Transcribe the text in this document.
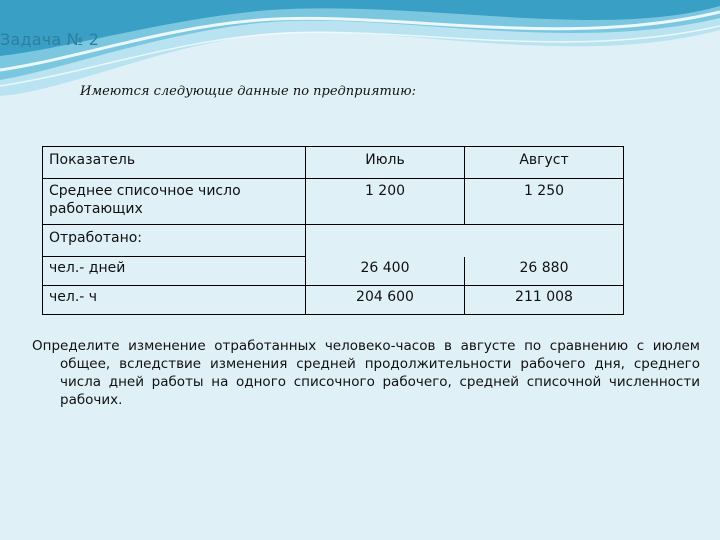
Задача № 2
Имеются следующие данные по предприятию:
Показатель	Июль	Август
Среднее списочное число работающих	1 200	1 250
Отработано:		
чел.- дней	26 400	26 880
чел.- ч	204 600	211 008
Определите изменение отработанных человеко-часов в августе по сравнению с июлем общее, вследствие изменения средней продолжительности рабочего дня, среднего числа дней работы на одного списочного рабочего, средней списочной численности рабочих.
